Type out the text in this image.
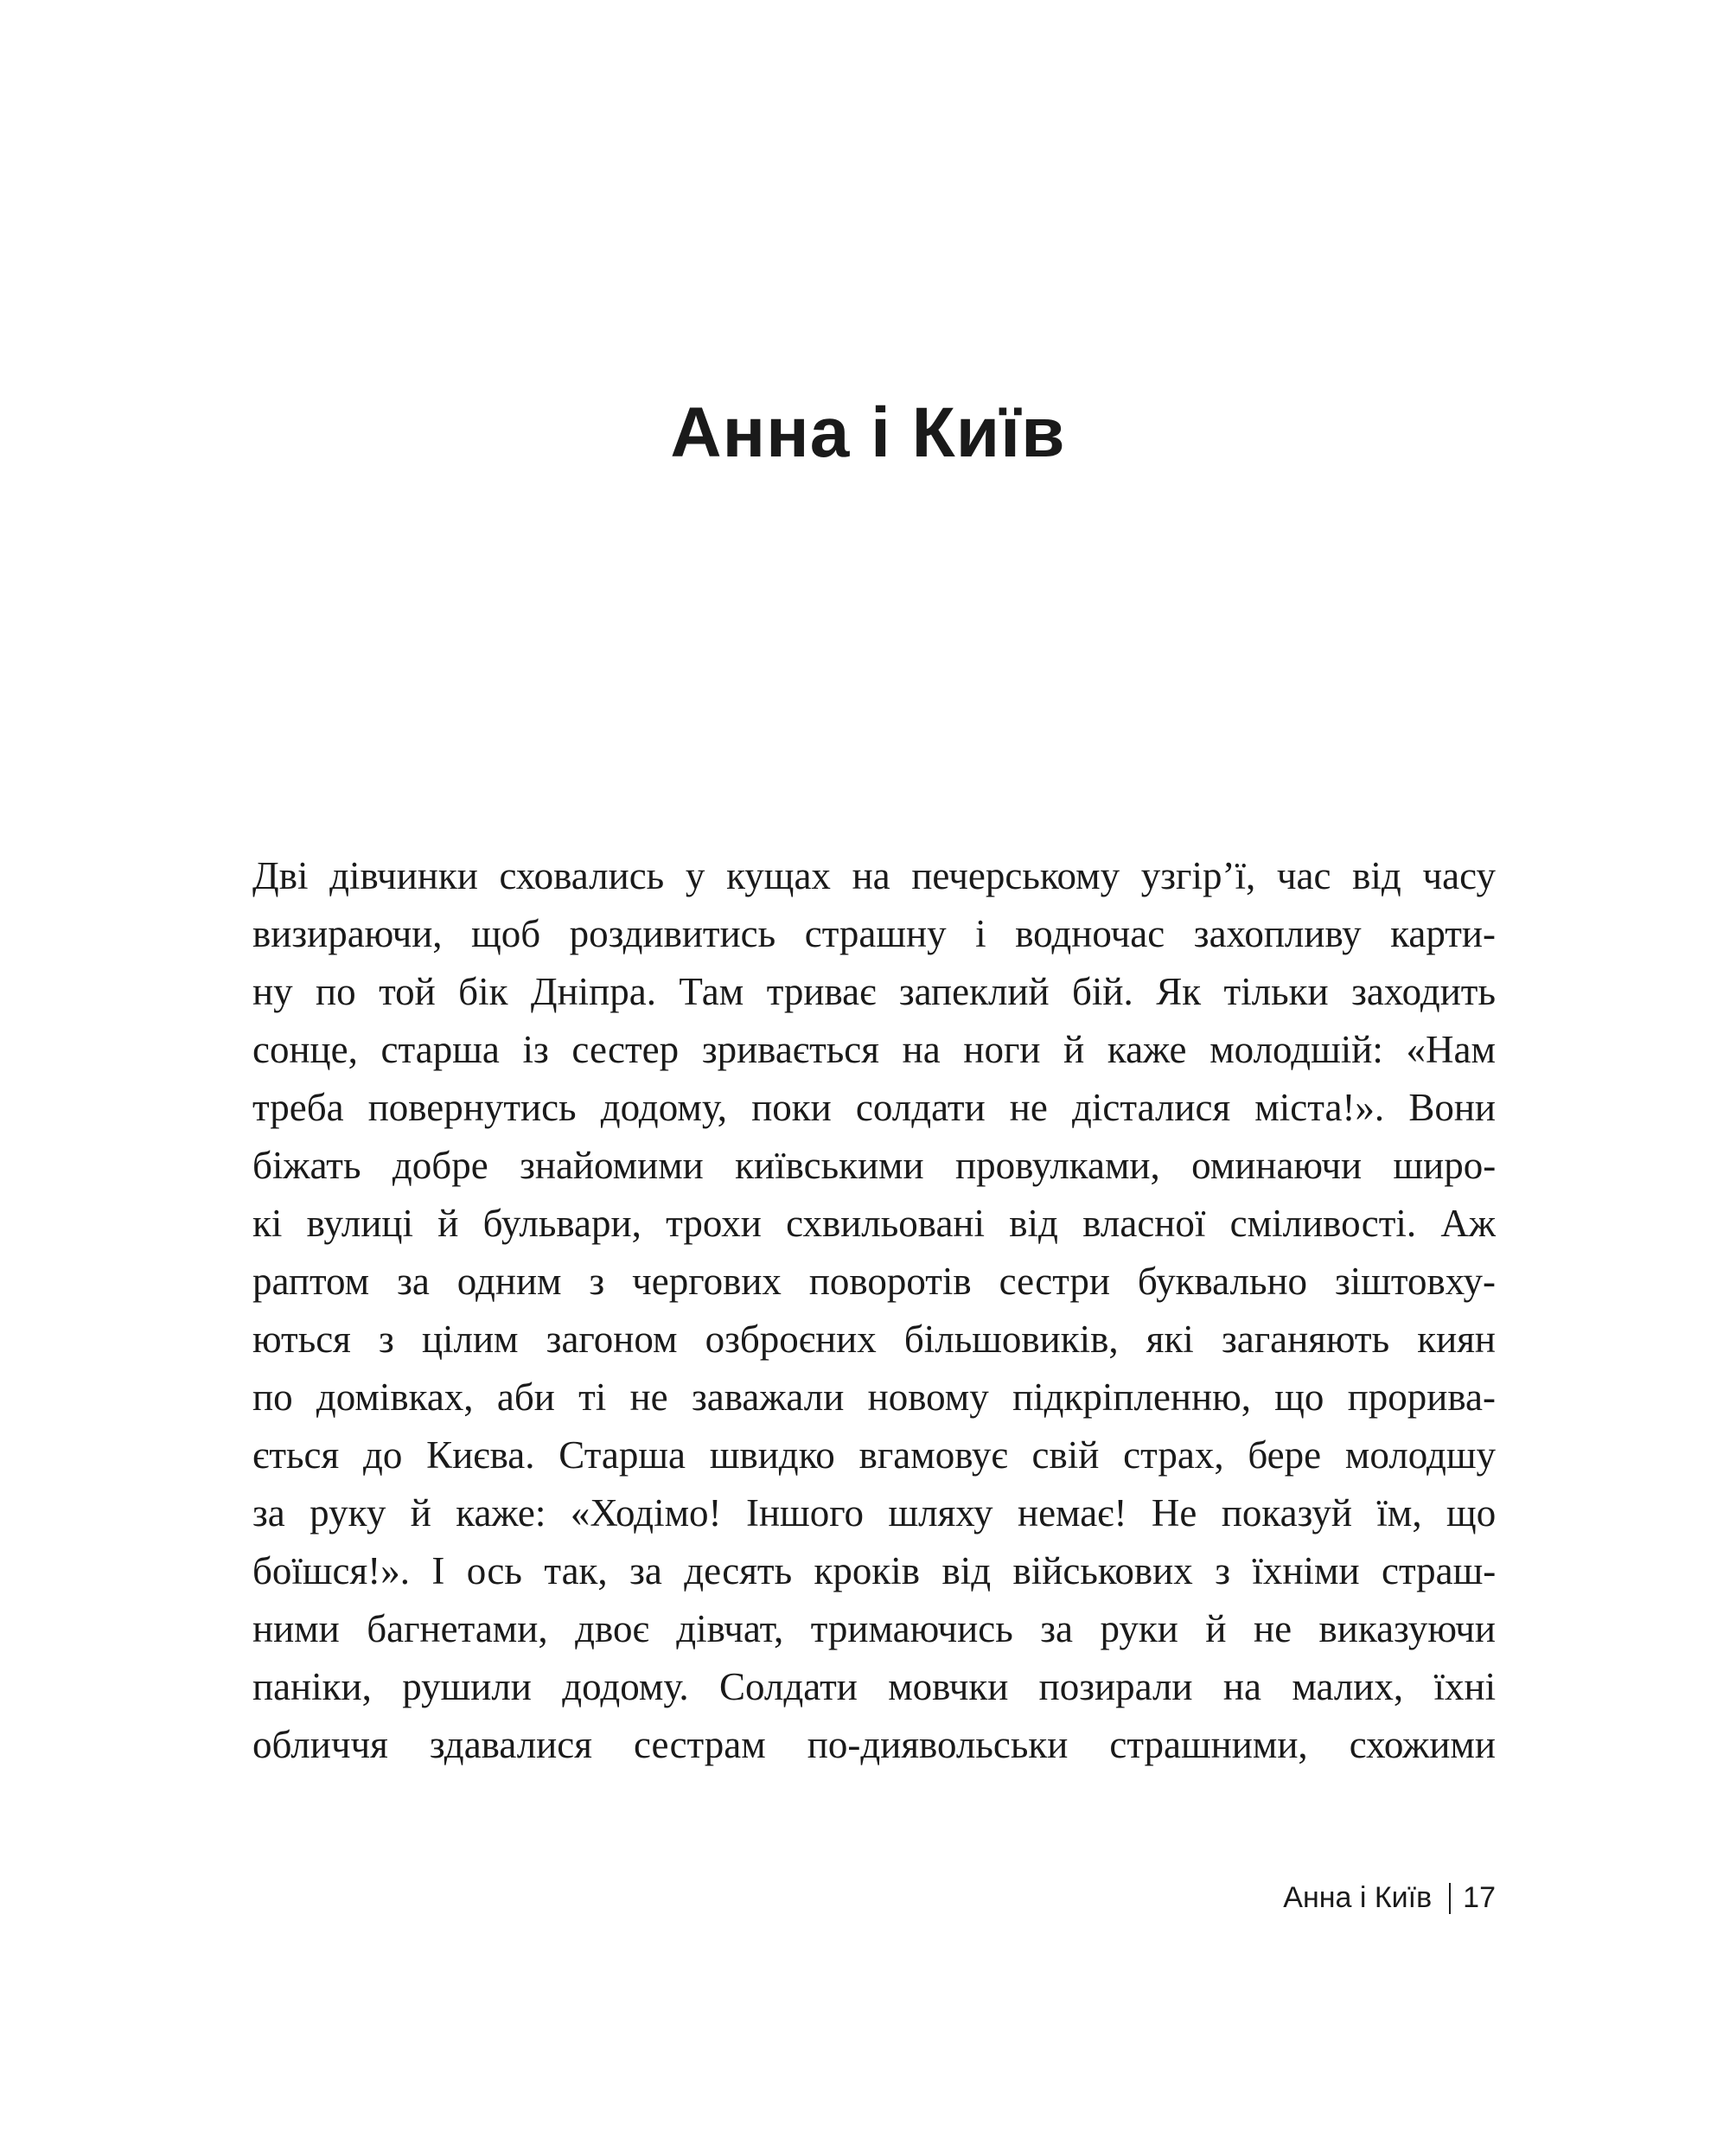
Анна і Київ
Дві дівчинки сховались у кущах на печерському узгір’ї, час від часу
визираючи, щоб роздивитись страшну і водночас захопливу карти-
ну по той бік Дніпра. Там триває запеклий бій. Як тільки заходить
сонце, старша із сестер зривається на ноги й каже молодшій: «Нам
треба повернутись додому, поки солдати не дісталися міста!». Вони
біжать добре знайомими київськими провулками, оминаючи широ-
кі вулиці й бульвари, трохи схвильовані від власної сміливості. Аж
раптом за одним з чергових поворотів сестри буквально зіштовху-
ються з цілим загоном озброєних більшовиків, які заганяють киян
по домівках, аби ті не заважали новому підкріпленню, що прорива-
ється до Києва. Старша швидко вгамовує свій страх, бере молодшу
за руку й каже: «Ходімо! Іншого шляху немає! Не показуй їм, що
боїшся!». І ось так, за десять кроків від військових з їхніми страш-
ними багнетами, двоє дівчат, тримаючись за руки й не виказуючи
паніки, рушили додому. Солдати мовчки позирали на малих, їхні
обличчя здавалися сестрам по-диявольськи страшними, схожими
Анна і Київ 17
